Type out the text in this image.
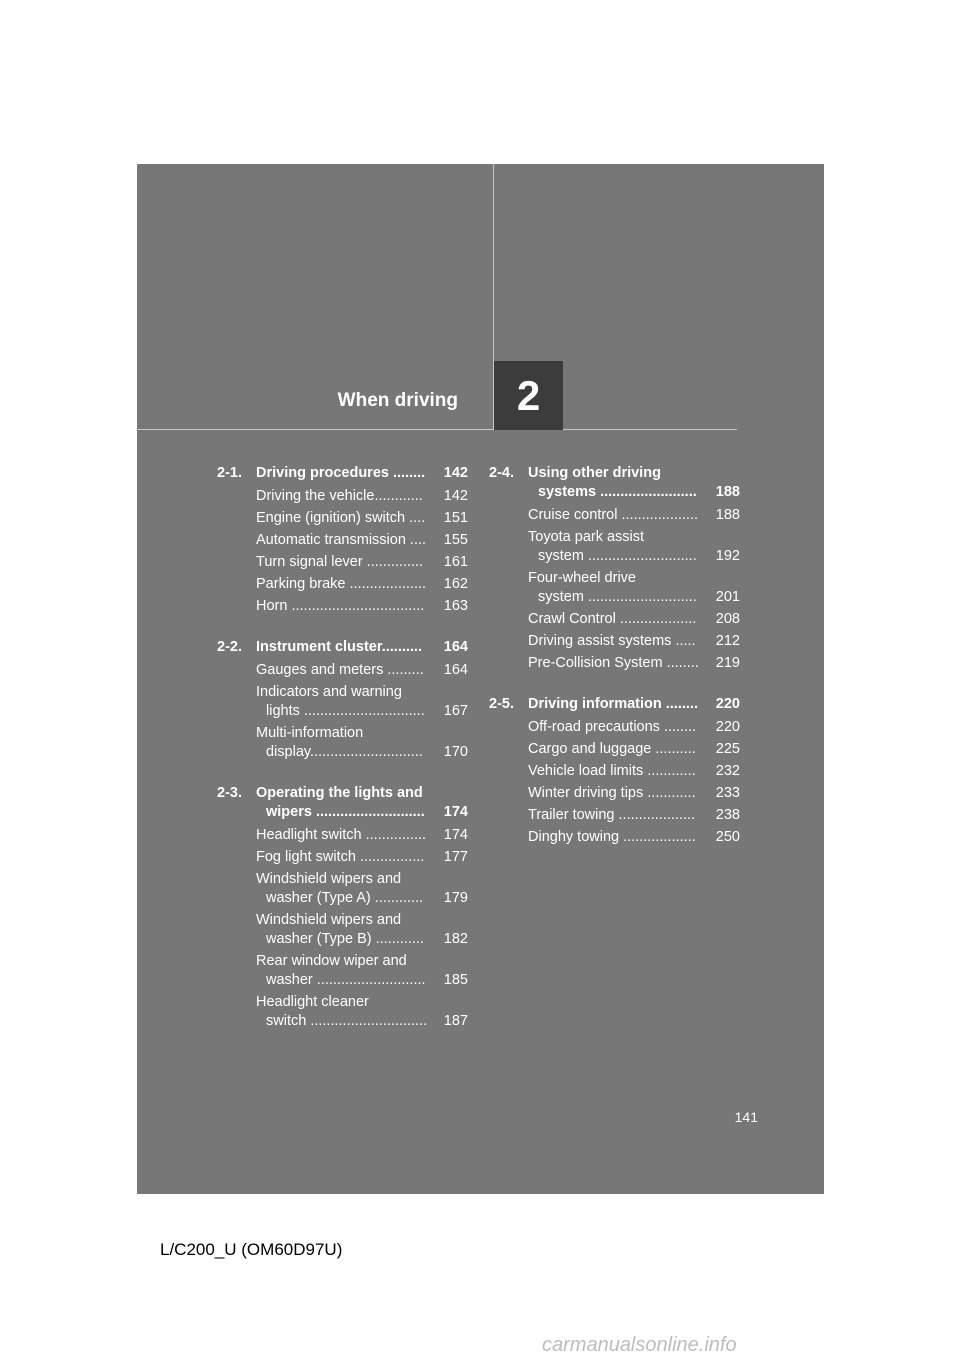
When driving	2
2-1. Driving procedures ........	142
Driving the vehicle............	142
Engine (ignition) switch ....	151
Automatic transmission ....	155
Turn signal lever ..............	161
Parking brake ...................	162
Horn .................................	163
2-2. Instrument cluster..........	164
Gauges and meters .........	164
Indicators and warning
lights ..............................	167
Multi-information
display............................	170
2-3. Operating the lights and
wipers ...........................	174
Headlight switch ...............	174
Fog light switch ................	177
Windshield wipers and
washer (Type A) ............	179
Windshield wipers and
washer (Type B) ............	182
Rear window wiper and
washer ...........................	185
Headlight cleaner
switch .............................	187
2-4. Using other driving
systems ........................	188
Cruise control ...................	188
Toyota park assist
system ...........................	192
Four-wheel drive
system ...........................	201
Crawl Control ...................	208
Driving assist systems .....	212
Pre-Collision System ........	219
2-5. Driving information ........	220
Off-road precautions ........	220
Cargo and luggage ..........	225
Vehicle load limits ............	232
Winter driving tips ............	233
Trailer towing ...................	238
Dinghy towing ..................	250
141
L/C200_U (OM60D97U)
carmanualsonline.info
